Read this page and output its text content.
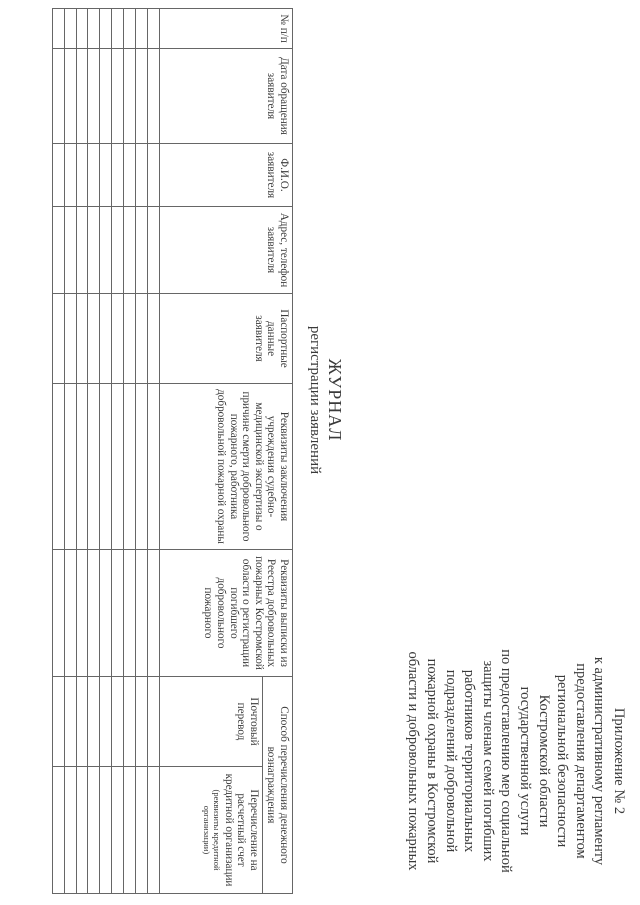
Приложение № 2
к административному регламенту
предоставления департаментом
региональной безопасности
Костромской области
государственной услуги
по предоставлению мер социальной
защиты членам семей погибших
работников территориальных
подразделений добровольной
пожарной охраны в Костромской
области и добровольных пожарных
ЖУРНАЛ
регистрации заявлений
№ п/п	Дата обращения заявителя	Ф.И.О. заявителя	Адрес, телефон заявителя	Паспортные данные заявителя	Реквизиты заключения учреждения судебно-медицинской экспертизы о причине смерти добровольного пожарного, работника добровольной пожарной охраны	Реквизиты выписки из Реестра добровольных пожарных Костромской области о регистрации погибшего добровольного пожарного	Способ перечисления денежного вознаграждения	
							Почтовый перевод	Перечисление на расчетный счет кредитной организации
(реквизиты кредитной организации)
